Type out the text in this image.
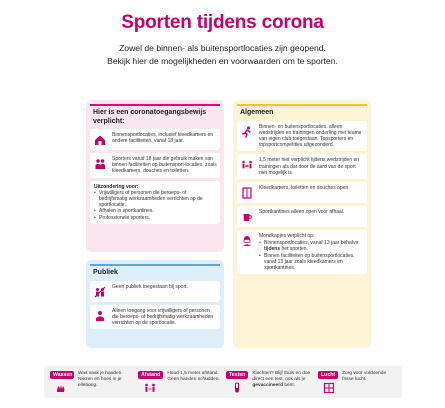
Sporten tijdens corona
Zowel de binnen- als buitensportlocaties zijn geopend.
Bekijk hier de mogelijkheden en voorwaarden om te sporten.
Hier is een coronatoegangsbewijs verplicht:
Binnensportlocaties, inclusief kleedkamers en andere faciliteiten, vanaf 18 jaar.
Sporters vanaf 18 jaar die gebruik maken van binnen faciliteiten op buitensport-locaties, zoals kleedkamers, douches en toiletten.
Uitzondering voor:
• Vrijwilligers of personen die beroeps- of bedrijfsmatig werkzaamheden verrichten op de sportlocatie.
• Afhalen in sportkantines.
• Professionele sporters.
Publiek
Geen publiek toegestaan bij sport.
Alleen toegang voor vrijwilligers of personen die beroeps- of bedrijfsmatig werkzaamheden verrichten op de sportlocatie.
Algemeen
Binnen- en buitensportlocaties, alleen wedstrijden en trainingen onderling met teams van eigen club toegestaan. Topsporters en topsportcompetities uitgezonderd.
1,5 meter niet verplicht tijdens wedstrijden en trainingen als dat door de aard van de sport niet mogelijk is.
Kleedkamers, toiletten en douches open.
Sportkantines alleen open voor afhaal.
Mondkapjes verplicht op:
• Binnensportlocaties, vanaf 13 jaar behalve tijdens het sporten.
• Binnen faciliteiten op buitensportlocaties, vanaf 13 jaar zoals kleedkamers en sportkantines.
Wassen	Was vaak je handen. Niezen en hoes in je elleboog.
Afstand	Houd 1,5 meter afstand. Geen handen schudden.
Testen	Klachten? Blijf thuis en doe direct een test, ook als je gevaccineerd bent.
Lucht	Zorg voor voldoende frisse lucht.
